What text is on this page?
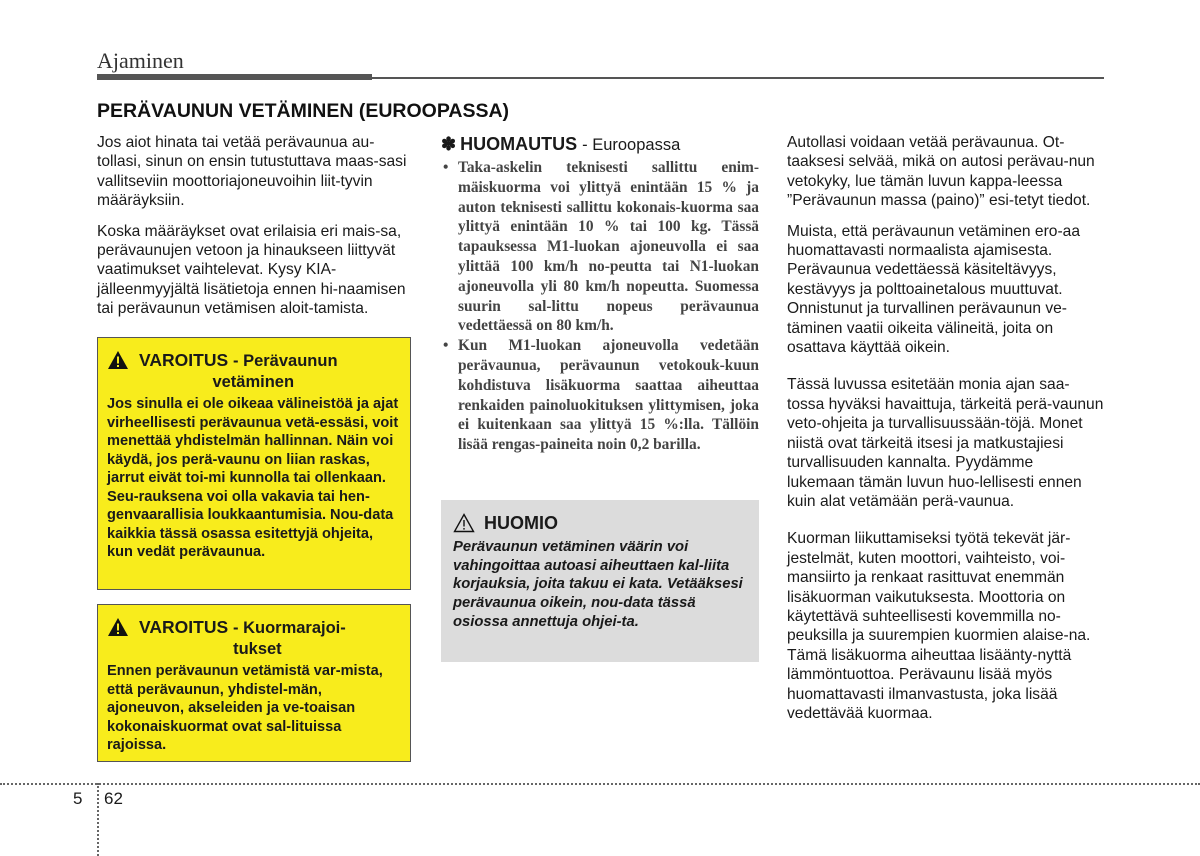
Ajaminen
PERÄVAUNUN VETÄMINEN (EUROOPASSA)

Jos aiot hinata tai vetää perävaunua au-tollasi, sinun on ensin tutustuttava maas-sasi vallitseviin moottoriajoneuvoihin liit-tyvin määräyksiin.

Koska määräykset ovat erilaisia eri mais-sa, perävaunujen vetoon ja hinaukseen liittyvät vaatimukset vaihtelevat. Kysy KIA-jälleenmyyjältä lisätietoja ennen hi-naamisen tai perävaunun vetämisen aloit-tamista.

VAROITUS - Perävaunun
vetäminen
Jos sinulla ei ole oikeaa välineistöä ja ajat virheellisesti perävaunua vetä-essäsi, voit menettää yhdistelmän hallinnan. Näin voi käydä, jos perä-vaunu on liian raskas, jarrut eivät toi-mi kunnolla tai ollenkaan. Seu-rauksena voi olla vakavia tai hen-genvaarallisia loukkaantumisia. Nou-data kaikkia tässä osassa esitettyjä ohjeita, kun vedät perävaunua.
VAROITUS - Kuormarajoi-
tukset
Ennen perävaunun vetämistä var-mista, että perävaunun, yhdistel-män, ajoneuvon, akseleiden ja ve-toaisan kokonaiskuormat ovat sal-lituissa rajoissa.
✽ HUOMAUTUS - Euroopassa
• Taka-askelin teknisesti sallittu enim-mäiskuorma voi ylittyä enintään 15 % ja auton teknisesti sallittu kokonais-kuorma saa ylittyä enintään 10 % tai 100 kg. Tässä tapauksessa M1-luokan ajoneuvolla ei saa ylittää 100 km/h no-peutta tai N1-luokan ajoneuvolla yli 80 km/h nopeutta. Suomessa suurin sal-littu nopeus perävaunua vedettäessä on 80 km/h.
• Kun M1-luokan ajoneuvolla vedetään perävaunua, perävaunun vetokouk-kuun kohdistuva lisäkuorma saattaa aiheuttaa renkaiden painoluokituksen ylittymisen, joka ei kuitenkaan saa ylittyä 15 %:lla. Tällöin lisää rengas-paineita noin 0,2 barilla.
HUOMIO
Perävaunun vetäminen väärin voi vahingoittaa autoasi aiheuttaen kal-liita korjauksia, joita takuu ei kata. Vetääksesi perävaunua oikein, nou-data tässä osiossa annettuja ohjei-ta.

Autollasi voidaan vetää perävaunua. Ot-taaksesi selvää, mikä on autosi perävau-nun vetokyky, lue tämän luvun kappa-leessa ”Perävaunun massa (paino)” esi-tetyt tiedot.

Muista, että perävaunun vetäminen ero-aa huomattavasti normaalista ajamisesta. Perävaunua vedettäessä käsiteltävyys, kestävyys ja polttoainetalous muuttuvat. Onnistunut ja turvallinen perävaunun ve-täminen vaatii oikeita välineitä, joita on osattava käyttää oikein.

Tässä luvussa esitetään monia ajan saa-tossa hyväksi havaittuja, tärkeitä perä-vaunun veto-ohjeita ja turvallisuussään-töjä. Monet niistä ovat tärkeitä itsesi ja matkustajiesi turvallisuuden kannalta. Pyydämme lukemaan tämän luvun huo-lellisesti ennen kuin alat vetämään perä-vaunua.

Kuorman liikuttamiseksi työtä tekevät jär-jestelmät, kuten moottori, vaihteisto, voi-mansiirto ja renkaat rasittuvat enemmän lisäkuorman vaikutuksesta. Moottoria on käytettävä suhteellisesti kovemmilla no-peuksilla ja suurempien kuormien alaise-na. Tämä lisäkuorma aiheuttaa lisäänty-nyttä lämmöntuottoa. Perävaunu lisää myös huomattavasti ilmanvastusta, joka lisää vedettävää kuormaa.

5 62
